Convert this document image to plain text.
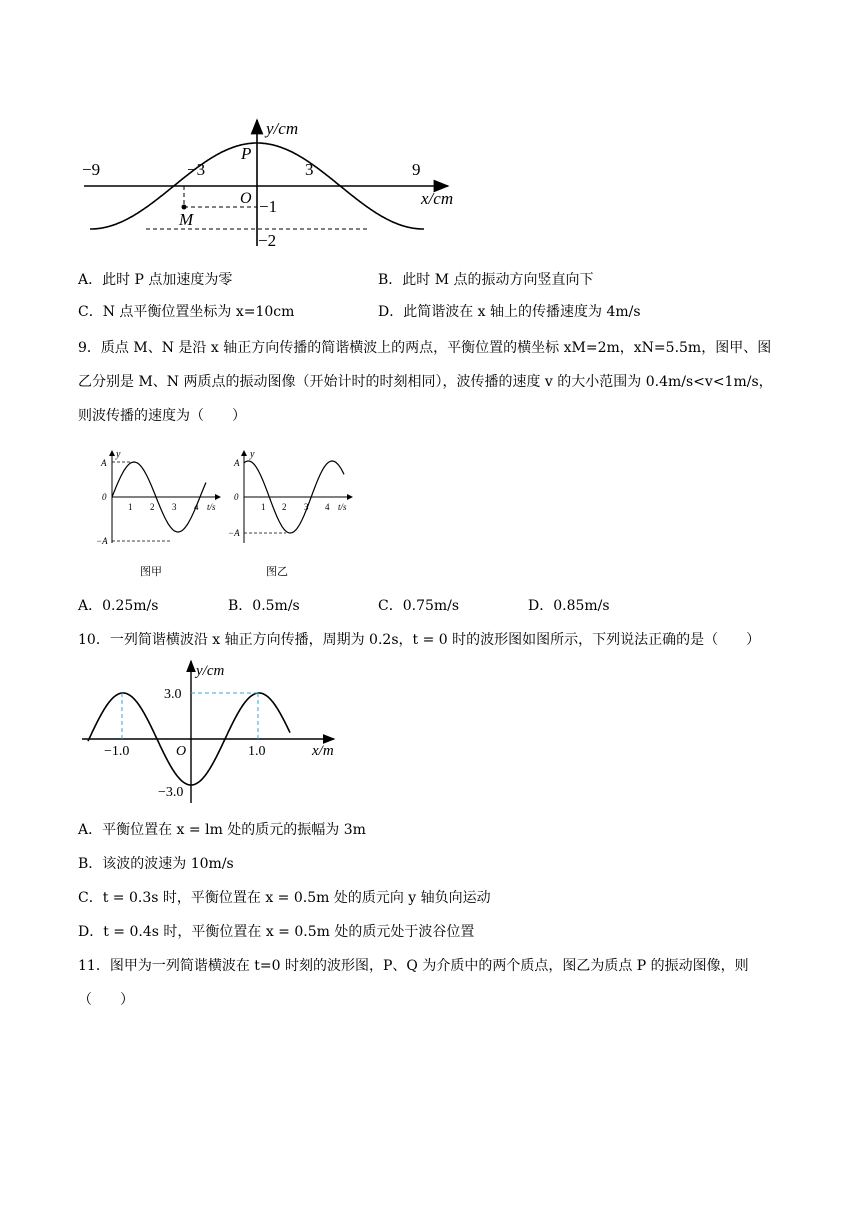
y/cm
x/cm
−9	−3	3	9
O −1
−2
P
M
A．此时 P 点加速度为零	B．此时 M 点的振动方向竖直向下
C．N 点平衡位置坐标为 x=10cm	D．此简谐波在 x 轴上的传播速度为 4m/s
9．质点 M、N 是沿 x 轴正方向传播的简谐横波上的两点，平衡位置的横坐标 xM=2m，xN=5.5m，图甲、图
乙分别是 M、N 两质点的振动图像（开始计时的时刻相同），波传播的速度 v 的大小范围为 0.4m/s<v<1m/s，
则波传播的速度为（　　）
y
A
0
−A
1 2 3 4 t/s
图甲
y
A
0
−A
1 2 3 4 t/s
图乙
A．0.25m/s	B．0.5m/s	C．0.75m/s	D．0.85m/s
10．一列简谐横波沿 x 轴正方向传播，周期为 0.2s，t = 0 时的波形图如图所示，下列说法正确的是（　　）
y/cm
x/m
3.0
−3.0
−1.0	1.0
O
A．平衡位置在 x = lm 处的质元的振幅为 3m
B．该波的波速为 10m/s
C．t = 0.3s 时，平衡位置在 x = 0.5m 处的质元向 y 轴负向运动
D．t = 0.4s 时，平衡位置在 x = 0.5m 处的质元处于波谷位置
11．图甲为一列简谐横波在 t=0 时刻的波形图，P、Q 为介质中的两个质点，图乙为质点 P 的振动图像，则
（　　）
